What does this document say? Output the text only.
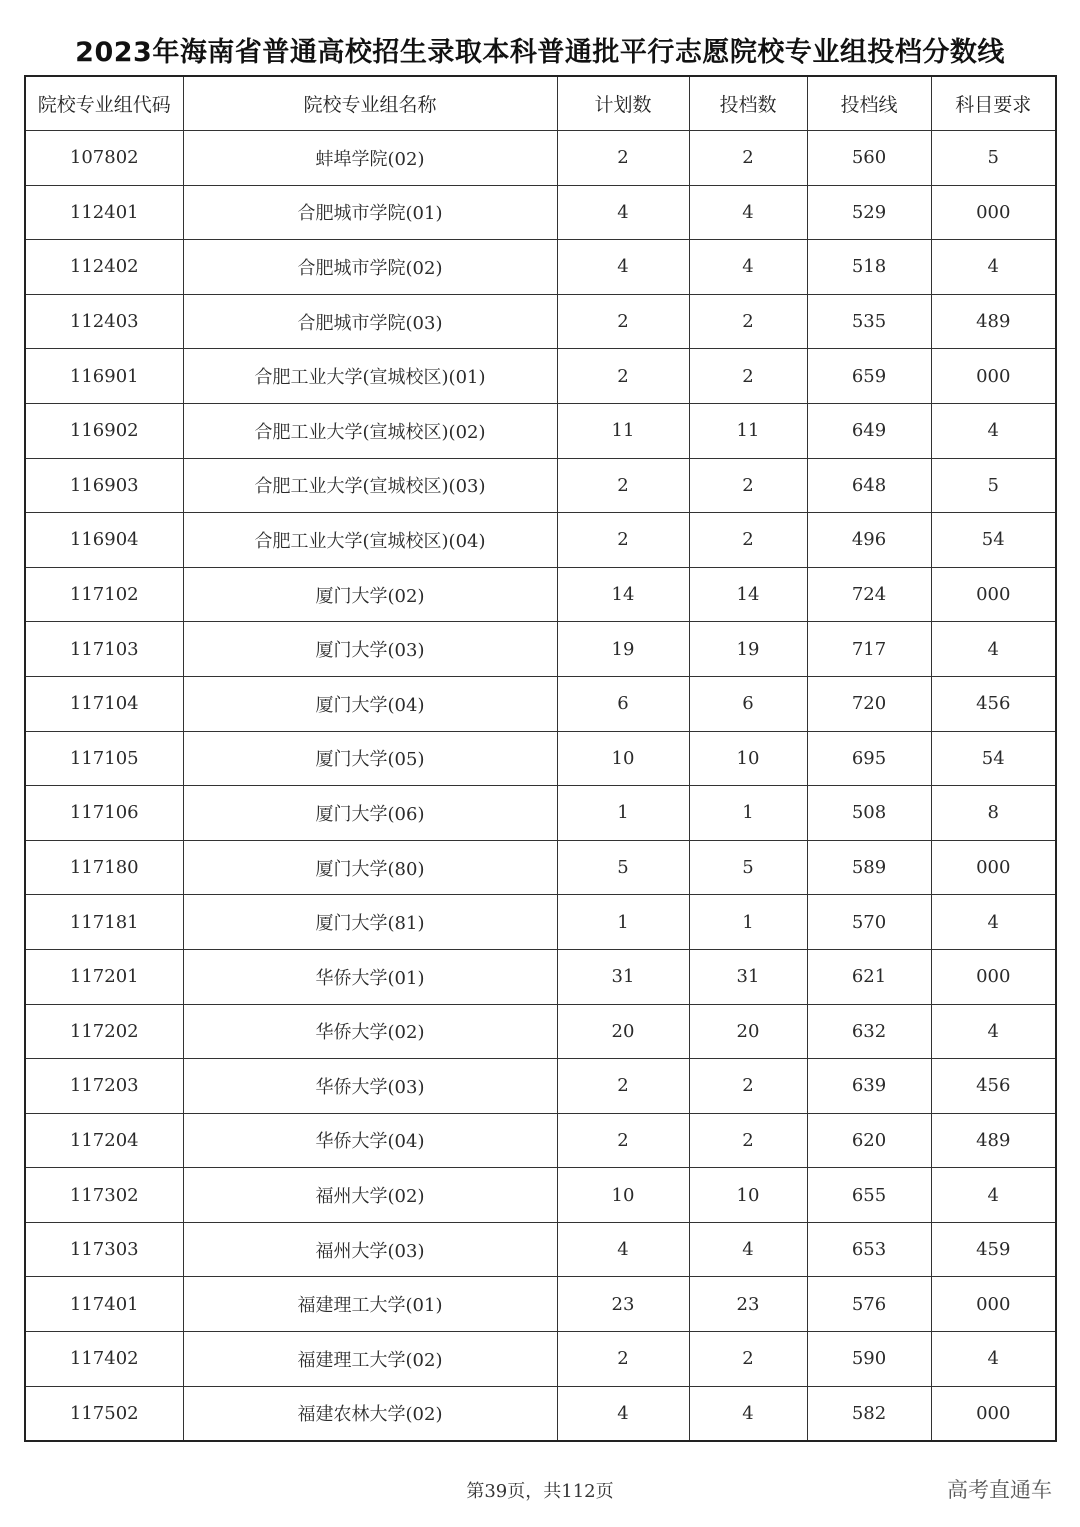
2023年海南省普通高校招生录取本科普通批平行志愿院校专业组投档分数线
院校专业组代码	院校专业组名称	计划数	投档数	投档线	科目要求
107802	蚌埠学院(02)	2	2	560	5
112401	合肥城市学院(01)	4	4	529	000
112402	合肥城市学院(02)	4	4	518	4
112403	合肥城市学院(03)	2	2	535	489
116901	合肥工业大学(宣城校区)(01)	2	2	659	000
116902	合肥工业大学(宣城校区)(02)	11	11	649	4
116903	合肥工业大学(宣城校区)(03)	2	2	648	5
116904	合肥工业大学(宣城校区)(04)	2	2	496	54
117102	厦门大学(02)	14	14	724	000
117103	厦门大学(03)	19	19	717	4
117104	厦门大学(04)	6	6	720	456
117105	厦门大学(05)	10	10	695	54
117106	厦门大学(06)	1	1	508	8
117180	厦门大学(80)	5	5	589	000
117181	厦门大学(81)	1	1	570	4
117201	华侨大学(01)	31	31	621	000
117202	华侨大学(02)	20	20	632	4
117203	华侨大学(03)	2	2	639	456
117204	华侨大学(04)	2	2	620	489
117302	福州大学(02)	10	10	655	4
117303	福州大学(03)	4	4	653	459
117401	福建理工大学(01)	23	23	576	000
117402	福建理工大学(02)	2	2	590	4
117502	福建农林大学(02)	4	4	582	000
第39页，共112页	高考直通车
